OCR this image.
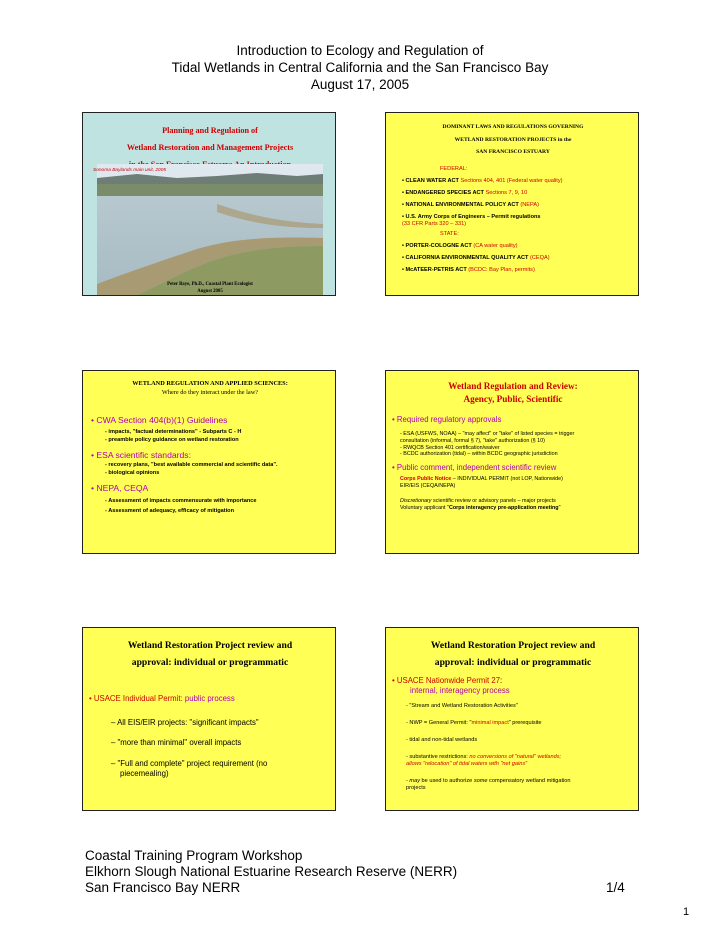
Introduction to Ecology and Regulation of
Tidal Wetlands in Central California and the San Francisco Bay
August 17, 2005
Planning and Regulation of
Wetland Restoration and Management Projects
Sonoma Baylands main unit, 2005
Peter Baye, Ph.D., Coastal Plant Ecologist
August 2005
DOMINANT LAWS AND REGULATIONS GOVERNING
WETLAND RESTORATION PROJECTS in the
SAN FRANCISCO ESTUARY
FEDERAL:
• CLEAN WATER ACT Sections 404, 401 (Federal water quality)
• ENDANGERED SPECIES ACT Sections 7, 9, 10
• NATIONAL ENVIRONMENTAL POLICY ACT (NEPA)
• U.S. Army Corps of Engineers – Permit regulations
(33 CFR Parts 320 – 331)
STATE:
• PORTER-COLOGNE ACT (CA water quality)
• CALIFORNIA ENVIRONMENTAL QUALITY ACT (CEQA)
• McATEER-PETRIS ACT (BCDC: Bay Plan, permits)
WETLAND REGULATION AND APPLIED SCIENCES:
Where do they interact under the law?
• CWA Section 404(b)(1) Guidelines
- impacts, "factual determinations" - Subparts C - H
- preamble policy guidance on wetland restoration
• ESA scientific standards:
- recovery plans, "best available commercial and scientific data".
- biological opinions
• NEPA, CEQA
- Assessment of impacts commensurate with importance
- Assessment of adequacy, efficacy of mitigation
Wetland Regulation and Review:
Agency, Public, Scientific
• Required regulatory approvals
- ESA (USFWS, NOAA) – "may affect" or "take" of listed species = trigger
consultation (informal, formal § 7), "take" authorization (§ 10)
- RWQCB Section 401 certification/waiver
- BCDC authorization (tidal) – within BCDC geographic jurisdiction
• Public comment, independent scientific review
Corps Public Notice – INDIVIDUAL PERMIT (not LOP, Nationwide)
EIR/EIS (CEQA/NEPA)
Discretionary scientific review or advisory panels – major projects
Voluntary applicant "Corps interagency pre-application meeting"
Wetland Restoration Project review and
approval: individual or programmatic
• USACE Individual Permit: public process
– All EIS/EIR projects: "significant impacts"
– "more than minimal" overall impacts
– "Full and complete" project requirement (no
piecemealing)
Wetland Restoration Project review and
approval: individual or programmatic
• USACE Nationwide Permit 27:
internal, interagency process
- "Stream and Wetland Restoration Activities"
- NWP = General Permit: "minimal impact" prerequisite
- tidal and non-tidal wetlands
- substantive restrictions: no conversions of "natural" wetlands;
allows "relocation" of tidal waters with "net gains"
- may be used to authorize some compensatory wetland mitigation
projects
Coastal Training Program Workshop
Elkhorn Slough National Estuarine Research Reserve (NERR)
San Francisco Bay NERR	1/4
1
